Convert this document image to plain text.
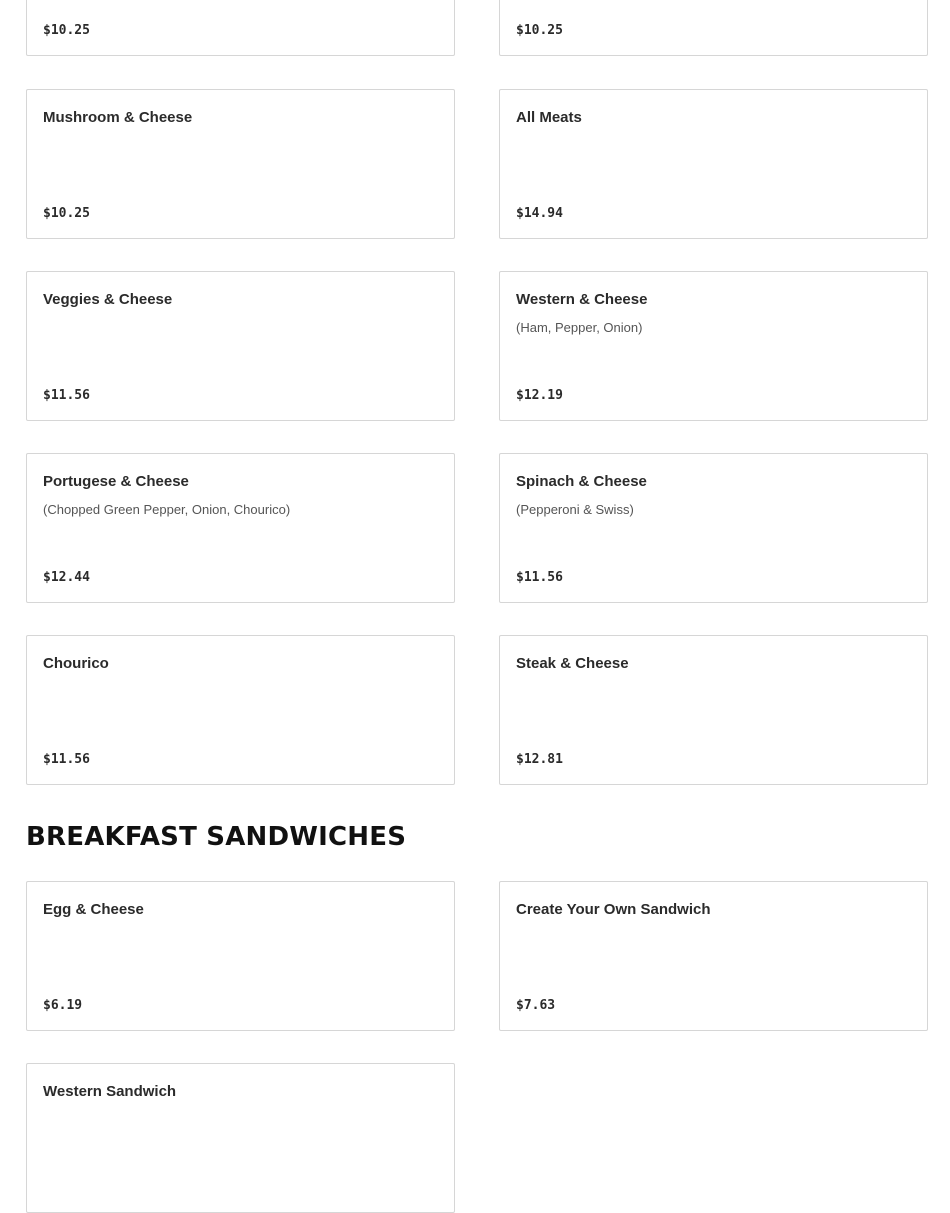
$10.25	$10.25
Mushroom & Cheese
$10.25
All Meats
$14.94
Veggies & Cheese
$11.56
Western & Cheese
(Ham, Pepper, Onion)
$12.19
Portugese & Cheese
(Chopped Green Pepper, Onion, Chourico)
$12.44
Spinach & Cheese
(Pepperoni & Swiss)
$11.56
Chourico
$11.56
Steak & Cheese
$12.81
BREAKFAST SANDWICHES
Egg & Cheese
$6.19
Create Your Own Sandwich
$7.63
Western Sandwich
